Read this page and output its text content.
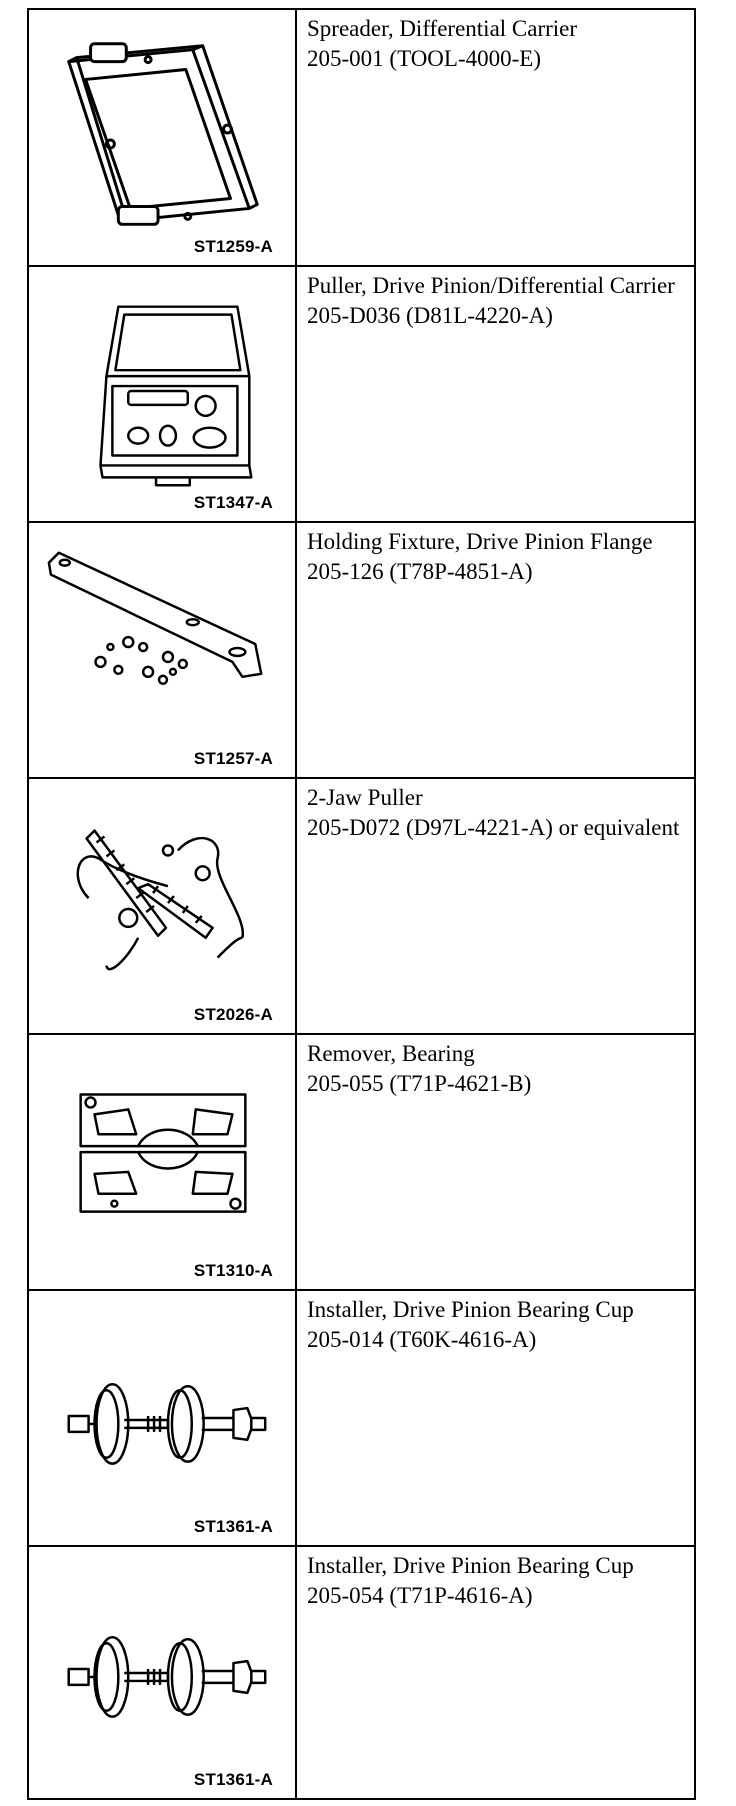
ST1259-A
Spreader, Differential Carrier
205-001 (TOOL-4000-E)
ST1347-A
Puller, Drive Pinion/Differential Carrier
205-D036 (D81L-4220-A)
ST1257-A
Holding Fixture, Drive Pinion Flange
205-126 (T78P-4851-A)
ST2026-A
2-Jaw Puller
205-D072 (D97L-4221-A) or equivalent
ST1310-A
Remover, Bearing
205-055 (T71P-4621-B)
ST1361-A
Installer, Drive Pinion Bearing Cup
205-014 (T60K-4616-A)
ST1361-A
Installer, Drive Pinion Bearing Cup
205-054 (T71P-4616-A)
